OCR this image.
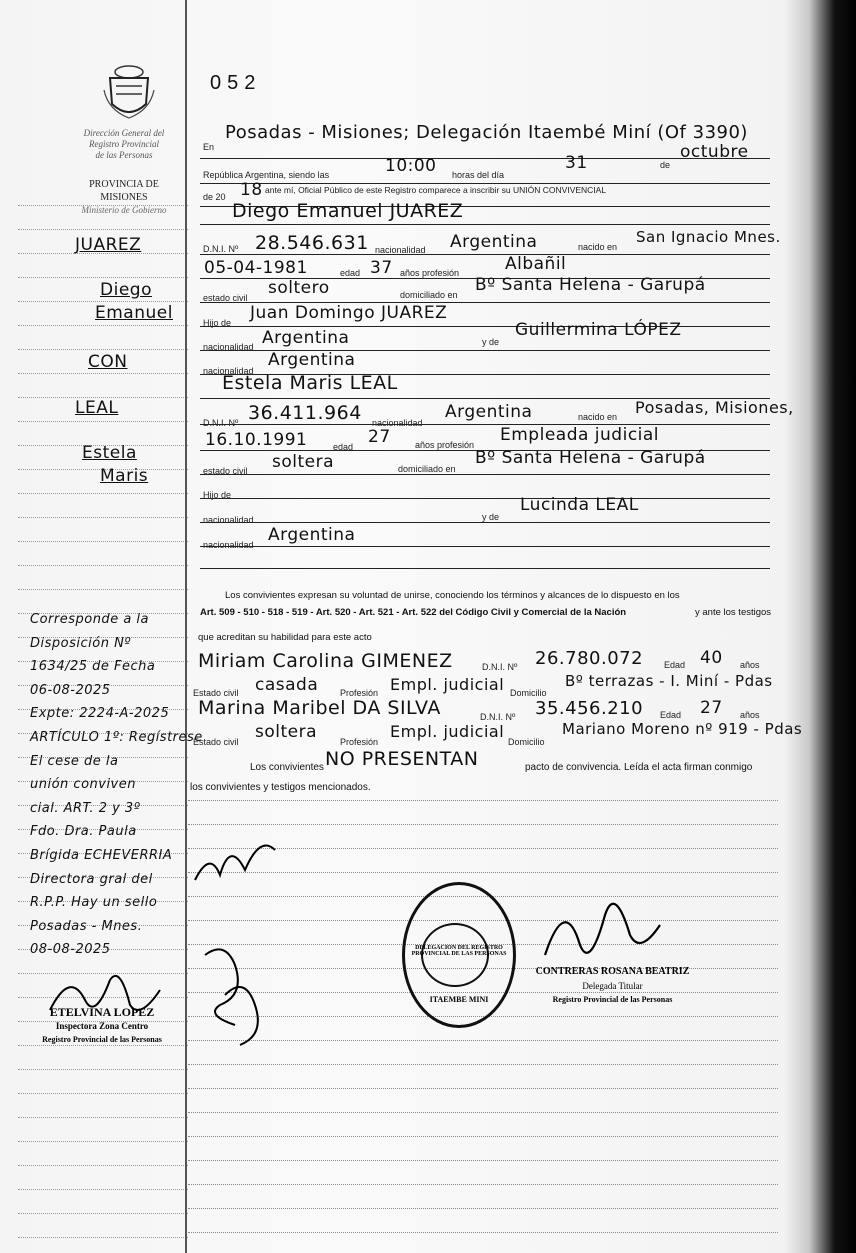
Dirección General del
Registro Provincial
de las Personas
PROVINCIA DE
MISIONES
Ministerio de Gobierno
052
En
Posadas - Misiones; Delegación Itaembé Miní (Of 3390)
República Argentina, siendo las	10:00 horas del día
31	de
octubre
de 20 18 ante mí, Oficial Público de este Registro comparece a inscribir su UNIÓN CONVIVENCIAL
Diego Emanuel JUAREZ
D.N.I. Nº 28.546.631 nacionalidad Argentina	nacido en
San Ignacio Mnes.
05-04-1981	edad 37 años profesión	Albañil
estado civil soltero	domiciliado en Bº Santa Helena - Garupá
Hijo de Juan Domingo JUAREZ
nacionalidad Argentina	y de
Guillermina LÓPEZ
nacionalidad
Argentina
Estela Maris LEAL
D.N.I. Nº 36.411.964 nacionalidad
Argentina	nacido en Posadas, Misiones,
16.10.1991	edad 27	años profesión Empleada judicial
estado civil soltera	domiciliado en
Bº Santa Helena - Garupá
Hijo de
nacionalidad	y de
Lucinda LEAL
nacionalidad Argentina
Los convivientes expresan su voluntad de unirse, conociendo los términos y alcances de lo dispuesto en los
Art. 509 - 510 - 518 - 519 - Art. 520 - Art. 521 - Art. 522 del Código Civil y Comercial de la Nación	y ante los testigos
que acreditan su habilidad para este acto
Miriam Carolina GIMENEZ	D.N.I. Nº 26.780.072 Edad 40 años
Estado civil casada Profesión Empl. judicial Domicilio
Bº terrazas - I. Miní - Pdas
Marina Maribel DA SILVA	D.N.I. Nº 35.456.210 Edad 27 años
Estado civil soltera	Profesión
Empl. judicial
Domicilio
Mariano Moreno nº 919 - Pdas
Los convivientes NO PRESENTAN	pacto de convivencia. Leída el acta firman conmigo
los convivientes y testigos mencionados.
JUAREZ
Diego
Emanuel
CON
LEAL
Estela
Maris
Corresponde a la
Disposición Nº
1634/25 de Fecha
06-08-2025
Expte: 2224-A-2025
ARTÍCULO 1º: Regístrese
El cese de la
unión conviven
cial. ART. 2 y 3º
Fdo. Dra. Paula
Brígida ECHEVERRIA
Directora gral del
R.P.P. Hay un sello
Posadas - Mnes.
08-08-2025
ETELVINA LOPEZ
Inspectora Zona Centro
Registro Provincial de las Personas
DELEGACION DEL REGISTRO PROVINCIAL DE LAS PERSONAS
ITAEMBE MINI
CONTRERAS ROSANA BEATRIZ
Delegada Titular
Registro Provincial de las Personas
